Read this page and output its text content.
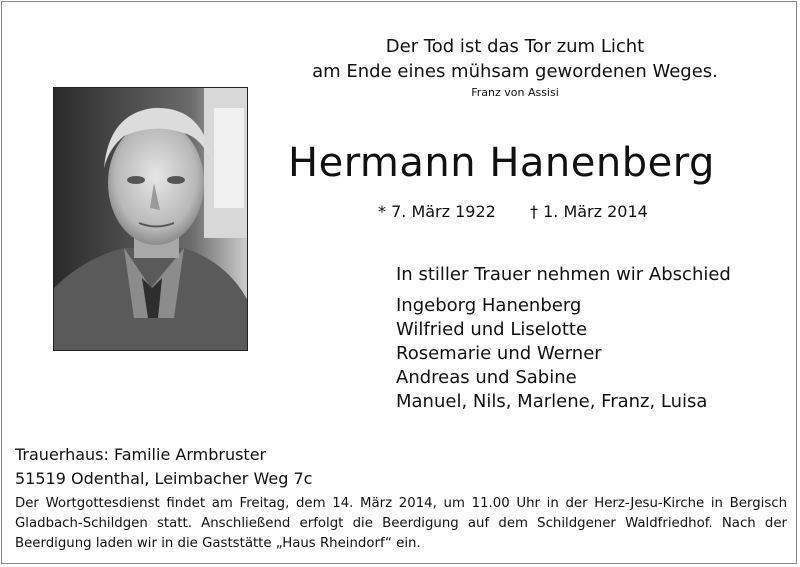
Der Tod ist das Tor zum Licht
am Ende eines mühsam gewordenen Weges.
Franz von Assisi
Hermann Hanenberg
* 7. März 1922 † 1. März 2014
In stiller Trauer nehmen wir Abschied
Ingeborg Hanenberg
Wilfried und Liselotte
Rosemarie und Werner
Andreas und Sabine
Manuel, Nils, Marlene, Franz, Luisa
Trauerhaus: Familie Armbruster
51519 Odenthal, Leimbacher Weg 7c
Der Wortgottesdienst findet am Freitag, dem 14. März 2014, um 11.00 Uhr in der Herz-Jesu-Kirche in Bergisch Gladbach-Schildgen statt. Anschließend erfolgt die Beerdigung auf dem Schildgener Waldfriedhof. Nach der Beerdigung laden wir in die Gaststätte „Haus Rheindorf“ ein.
